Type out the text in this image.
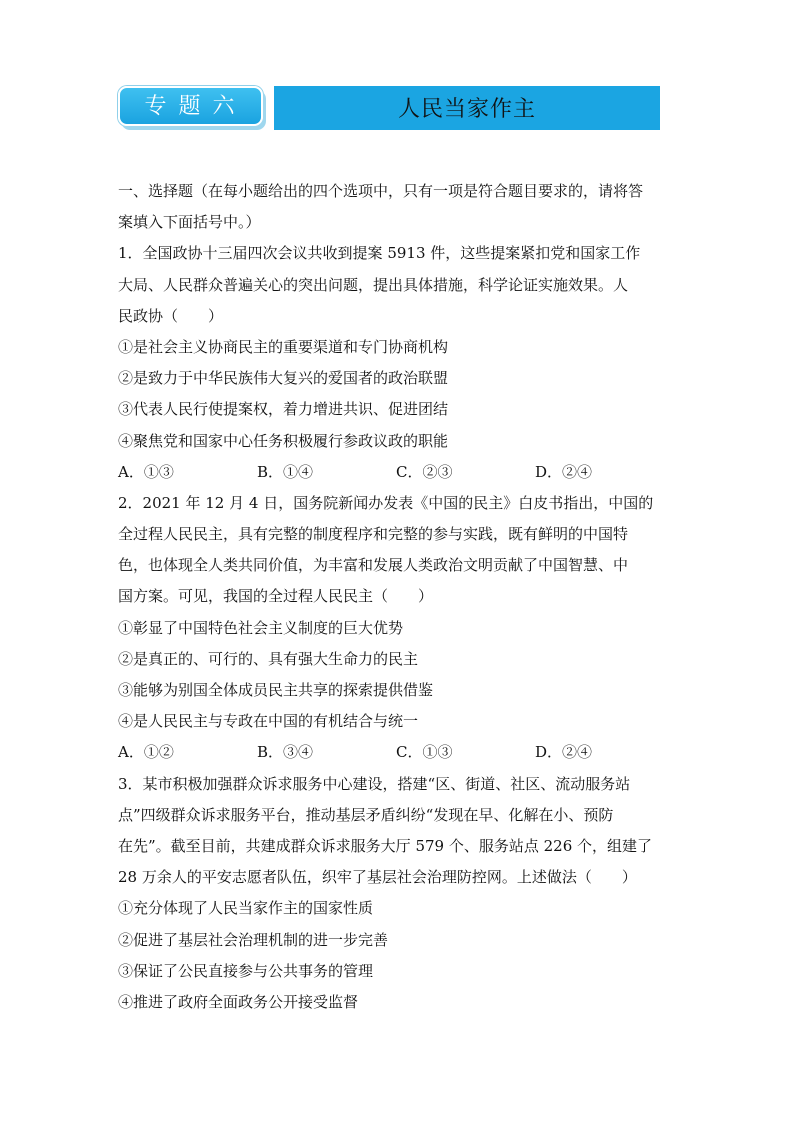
专题六	人民当家作主
一、选择题（在每小题给出的四个选项中，只有一项是符合题目要求的，请将答
案填入下面括号中。）
1．全国政协十三届四次会议共收到提案 5913 件，这些提案紧扣党和国家工作
大局、人民群众普遍关心的突出问题，提出具体措施，科学论证实施效果。人
民政协（　　）
①是社会主义协商民主的重要渠道和专门协商机构
②是致力于中华民族伟大复兴的爱国者的政治联盟
③代表人民行使提案权，着力增进共识、促进团结
④聚焦党和国家中心任务积极履行参政议政的职能
A．①③	B．①④	C．②③	D．②④
2．2021 年 12 月 4 日，国务院新闻办发表《中国的民主》白皮书指出，中国的
全过程人民民主，具有完整的制度程序和完整的参与实践，既有鲜明的中国特
色，也体现全人类共同价值，为丰富和发展人类政治文明贡献了中国智慧、中
国方案。可见，我国的全过程人民民主（　　）
①彰显了中国特色社会主义制度的巨大优势
②是真正的、可行的、具有强大生命力的民主
③能够为别国全体成员民主共享的探索提供借鉴
④是人民民主与专政在中国的有机结合与统一
A．①②	B．③④	C．①③	D．②④
3．某市积极加强群众诉求服务中心建设，搭建“区、街道、社区、流动服务站
点”四级群众诉求服务平台，推动基层矛盾纠纷“发现在早、化解在小、预防
在先”。截至目前，共建成群众诉求服务大厅 579 个、服务站点 226 个，组建了
28 万余人的平安志愿者队伍，织牢了基层社会治理防控网。上述做法（　　）
①充分体现了人民当家作主的国家性质
②促进了基层社会治理机制的进一步完善
③保证了公民直接参与公共事务的管理
④推进了政府全面政务公开接受监督
